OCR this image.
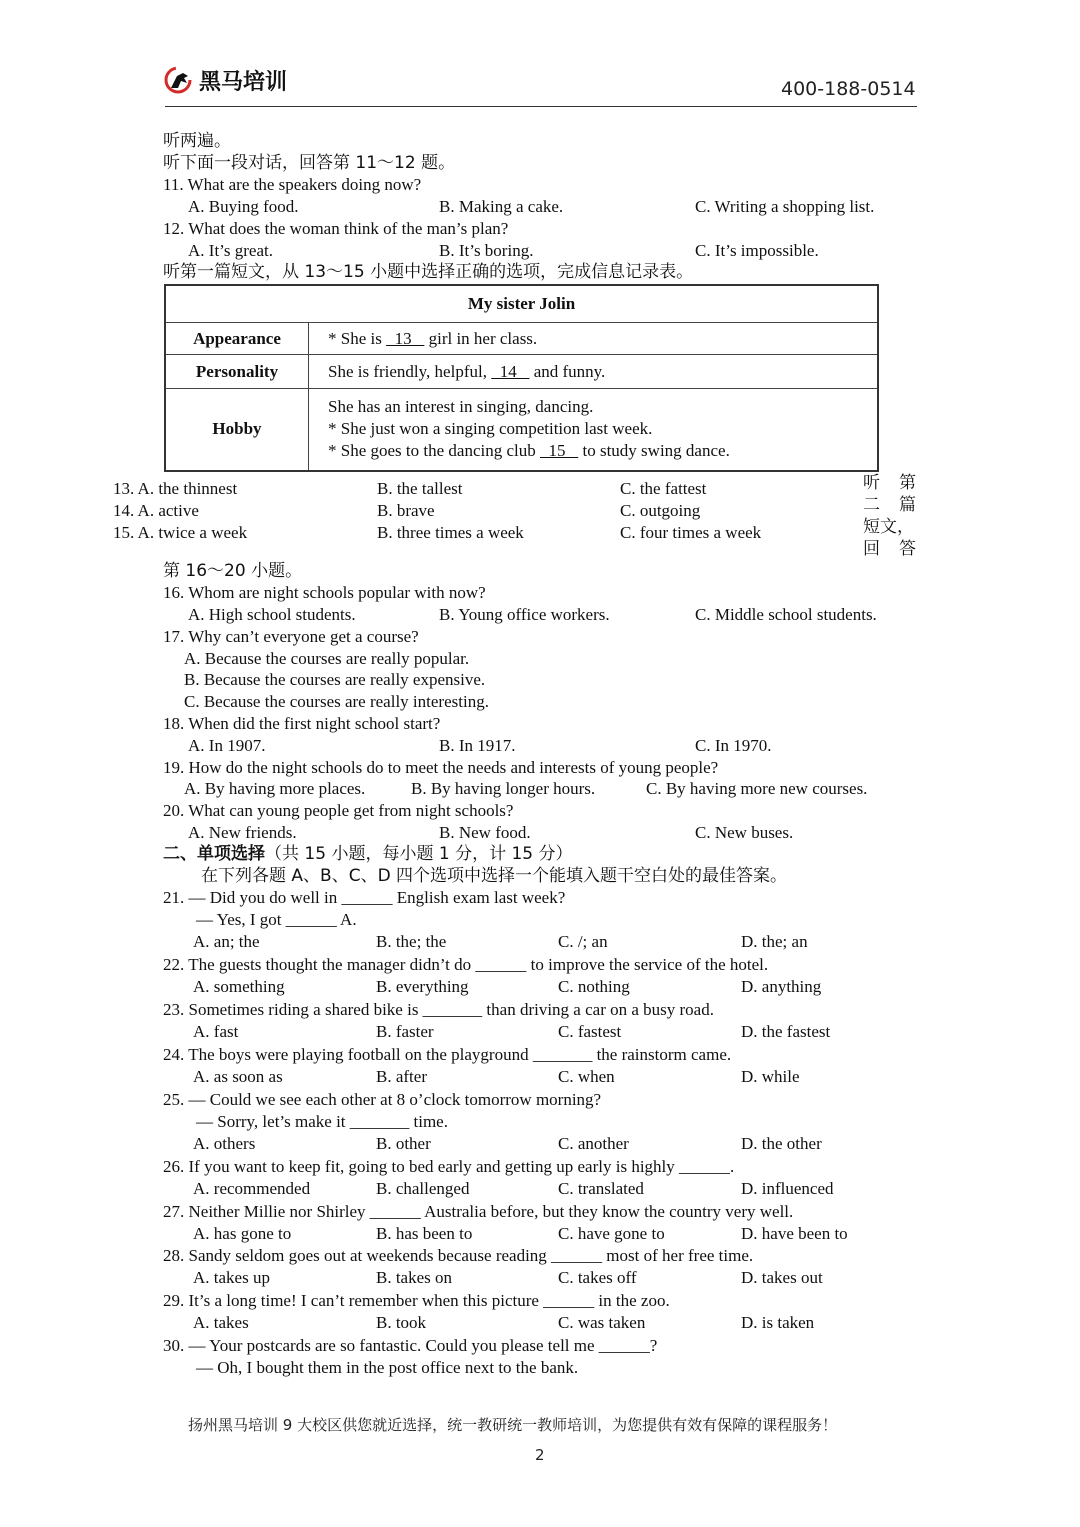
黑马培训	400-188-0514
听两遍。
听下面一段对话，回答第 11～12 题。
11. What are the speakers doing now?
A. Buying food.	B. Making a cake.	C. Writing a shopping list.
12. What does the woman think of the man’s plan?
A. It’s great.	B. It’s boring.	C. It’s impossible.
听第一篇短文，从 13～15 小题中选择正确的选项，完成信息记录表。
My sister Jolin	
Appearance	* She is   13    girl in her class.
Personality	She is friendly, helpful,   14    and funny.
Hobby	She has an interest in singing, dancing.
* She just won a singing competition last week.
* She goes to the dancing club   15    to study swing dance.
13. A. the thinnest	B. the tallest	C. the fattest
14. A. active	B. brave	C. outgoing
15. A. twice a week	B. three times a week	C. four times a week
听 第
二 篇
短文，
回 答
第 16～20 小题。
16. Whom are night schools popular with now?
A. High school students.	B. Young office workers.	C. Middle school students.
17. Why can’t everyone get a course?
A. Because the courses are really popular.
B. Because the courses are really expensive.
C. Because the courses are really interesting.
18. When did the first night school start?
A. In 1907.	B. In 1917.	C. In 1970.
19. How do the night schools do to meet the needs and interests of young people?
A. By having more places.	B. By having longer hours.	C. By having more new courses.
20. What can young people get from night schools?
A. New friends.	B. New food.	C. New buses.
二、单项选择（共 15 小题，每小题 1 分，计 15 分）
在下列各题 A、B、C、D 四个选项中选择一个能填入题干空白处的最佳答案。
21. — Did you do well in ______ English exam last week?
— Yes, I got ______ A.
A. an; the	B. the; the	C. /; an	D. the; an
22. The guests thought the manager didn’t do ______ to improve the service of the hotel.
A. something	B. everything	C. nothing	D. anything
23. Sometimes riding a shared bike is _______ than driving a car on a busy road.
A. fast	B. faster	C. fastest	D. the fastest
24. The boys were playing football on the playground _______ the rainstorm came.
A. as soon as	B. after	C. when	D. while
25. — Could we see each other at 8 o’clock tomorrow morning?
— Sorry, let’s make it _______ time.
A. others	B. other	C. another	D. the other
26. If you want to keep fit, going to bed early and getting up early is highly ______.
A. recommended	B. challenged	C. translated	D. influenced
27. Neither Millie nor Shirley ______ Australia before, but they know the country very well.
A. has gone to	B. has been to	C. have gone to	D. have been to
28. Sandy seldom goes out at weekends because reading ______ most of her free time.
A. takes up	B. takes on	C. takes off	D. takes out
29. It’s a long time! I can’t remember when this picture ______ in the zoo.
A. takes	B. took	C. was taken	D. is taken
30. — Your postcards are so fantastic. Could you please tell me ______?
— Oh, I bought them in the post office next to the bank.
扬州黑马培训 9 大校区供您就近选择，统一教研统一教师培训，为您提供有效有保障的课程服务！
2
